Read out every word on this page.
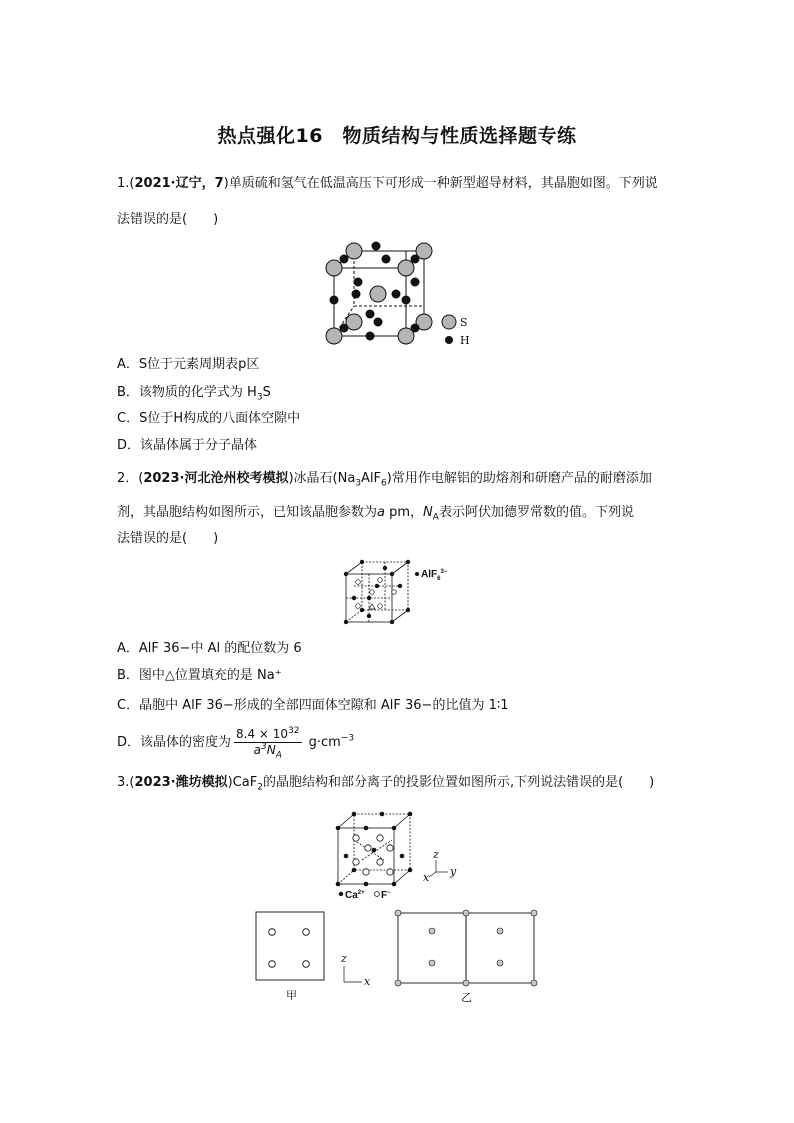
热点强化16　物质结构与性质选择题专练
1.(2021·辽宁，7)单质硫和氢气在低温高压下可形成一种新型超导材料，其晶胞如图。下列说
法错误的是(　　)
S
H
A．S位于元素周期表p区
B．该物质的化学式为 $H_3S$
C．S位于H构成的八面体空隙中
D．该晶体属于分子晶体
2．(2023·河北沧州校考模拟)冰晶石$(Na_3AlF_6)$常用作电解铝的助熔剂和研磨产品的耐磨添加
剂，其晶胞结构如图所示，已知该晶胞参数为a pm，$N_A$表示阿伏加德罗常数的值。下列说
法错误的是(　　)
AlF$_6^{3-}$
A．AlF 36−中 Al 的配位数为 6
B．图中△位置填充的是 Na⁺
C．晶胞中 AlF 36−形成的全部四面体空隙和 AlF 36−的比值为 1∶1
D．该晶体的密度为 $\frac{8.4 \times 10^{32}}{a^3N_A} g\cdot cm^{-3}$
3.(2023·潍坊模拟)CaF$_2$的晶胞结构和部分离子的投影位置如图所示,下列说法错误的是(　　)
$Ca^{2+}$ F−
z
y
x
z
x
甲	乙
